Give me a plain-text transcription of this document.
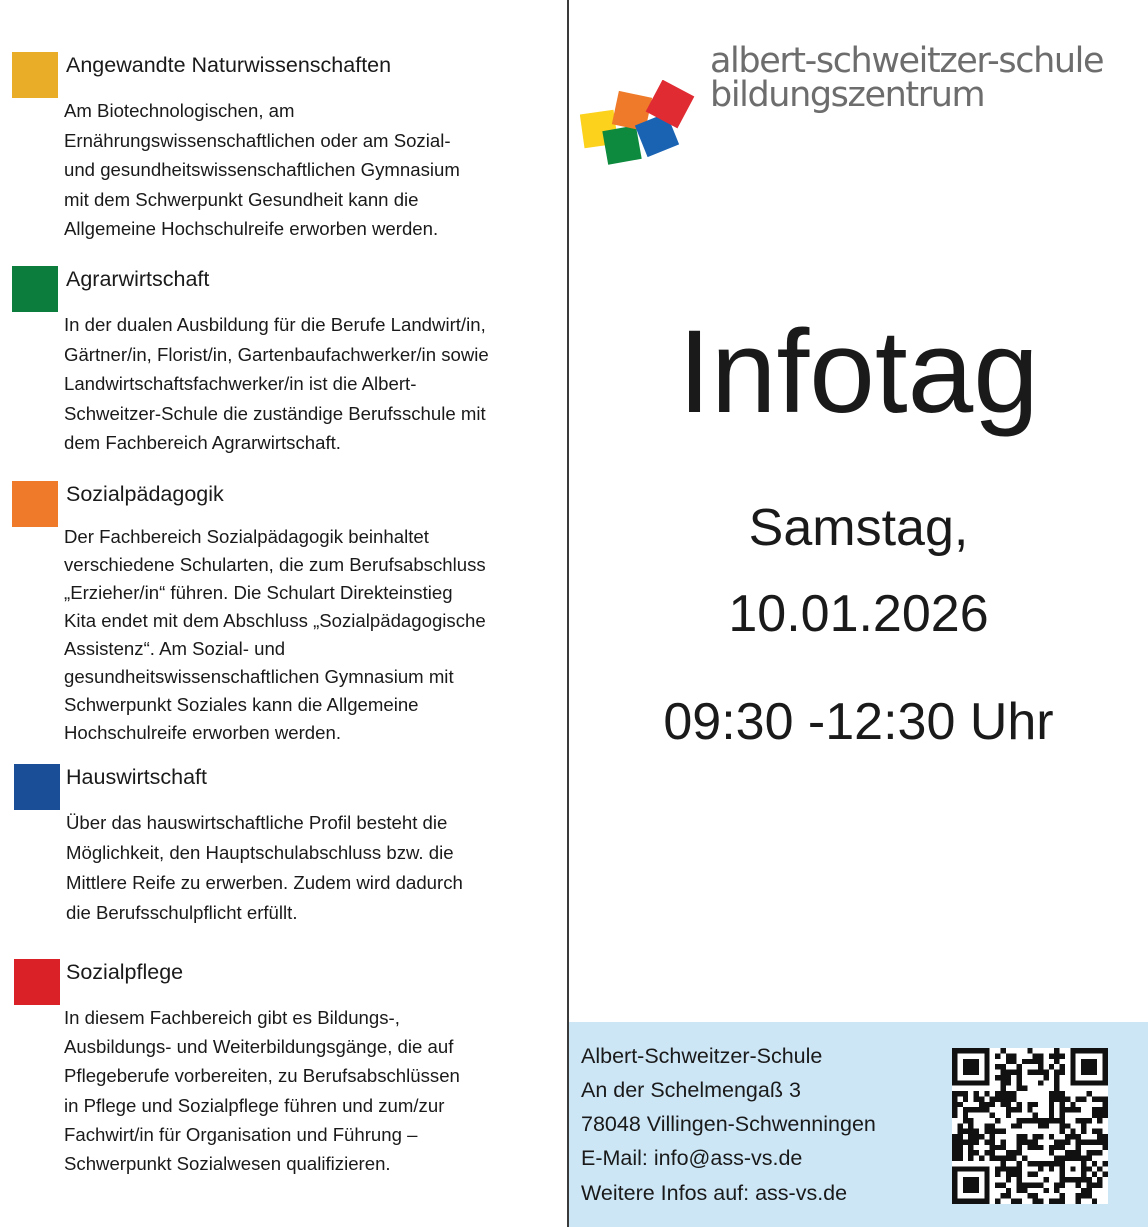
Angewandte Naturwissenschaften
Am Biotechnologischen, am
Ernährungswissenschaftlichen oder am Sozial-
und gesundheitswissenschaftlichen Gymnasium
mit dem Schwerpunkt Gesundheit kann die
Allgemeine Hochschulreife erworben werden.
Agrarwirtschaft
In der dualen Ausbildung für die Berufe Landwirt/in,
Gärtner/in, Florist/in, Gartenbaufachwerker/in sowie
Landwirtschaftsfachwerker/in ist die Albert-
Schweitzer-Schule die zuständige Berufsschule mit
dem Fachbereich Agrarwirtschaft.
Sozialpädagogik
Der Fachbereich Sozialpädagogik beinhaltet
verschiedene Schularten, die zum Berufsabschluss
„Erzieher/in“ führen. Die Schulart Direkteinstieg
Kita endet mit dem Abschluss „Sozialpädagogische
Assistenz“. Am Sozial- und
gesundheitswissenschaftlichen Gymnasium mit
Schwerpunkt Soziales kann die Allgemeine
Hochschulreife erworben werden.
Hauswirtschaft
Über das hauswirtschaftliche Profil besteht die
Möglichkeit, den Hauptschulabschluss bzw. die
Mittlere Reife zu erwerben. Zudem wird dadurch
die Berufsschulpflicht erfüllt.
Sozialpflege
In diesem Fachbereich gibt es Bildungs-,
Ausbildungs- und Weiterbildungsgänge, die auf
Pflegeberufe vorbereiten, zu Berufsabschlüssen
in Pflege und Sozialpflege führen und zum/zur
Fachwirt/in für Organisation und Führung –
Schwerpunkt Sozialwesen qualifizieren.
albert-schweitzer-schule
bildungszentrum
Infotag
Samstag,
10.01.2026
09:30 -12:30 Uhr
Albert-Schweitzer-Schule
An der Schelmengaß 3
78048 Villingen-Schwenningen
E-Mail: info@ass-vs.de
Weitere Infos auf: ass-vs.de
